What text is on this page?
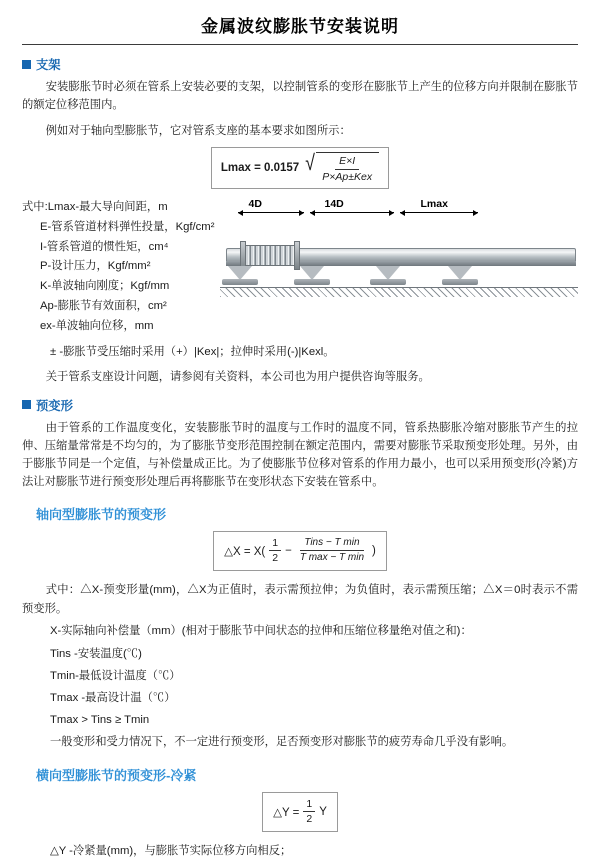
金属波纹膨胀节安装说明
支架

安装膨胀节时必须在管系上安装必要的支架，以控制管系的变形在膨胀节上产生的位移方向并限制在膨胀节的额定位移范围内。

例如对于轴向型膨胀节，它对管系支座的基本要求如图所示：

Lmax = 0.0157 √ $\frac{E\times I}{\text{P×Ap±Kex}}$
式中:Lmax-最大导向间距，m
E-管系管道材料弹性投量，Kgf/cm²
I-管系管道的惯性矩，cm⁴
P-设计压力，Kgf/mm²
K-单波轴向刚度；Kgf/mm
Ap-膨胀节有效面积，cm²
ex-单波轴向位移，mm
4D	14D	Lmax
± -膨胀节受压缩时采用（+）|Kex|；拉伸时采用(-)|Kexl。

关于管系支座设计问题，请参阅有关资料，本公司也为用户提供咨询等服务。

预变形

由于管系的工作温度变化，安装膨胀节时的温度与工作时的温度不同，管系热膨胀冷缩对膨胀节产生的拉伸、压缩量常常是不均匀的，为了膨胀节变形范围控制在额定范围内，需要对膨胀节采取预变形处理。另外，由于膨胀节同是一个定值，与补偿量成正比。为了使膨胀节位移对管系的作用力最小，也可以采用预变形(冷紧)方法让对膨胀节进行预变形处理后再将膨胀节在变形状态下安装在管系中。

轴向型膨胀节的预变形
△X = $X( \frac{1}{2} - \frac{\text{Tins − T min}}{\text{T max − T min}}$ )

式中：△X-预变形量(mm)，△X为正值时，表示需预拉伸；为负值时，表示需预压缩；△X＝0时表示不需预变形。

X-实际轴向补偿量（mm）(相对于膨胀节中间状态的拉伸和压缩位移量绝对值之和)：
Tins -安装温度(℃)
Tmin-最低设计温度（℃）
Tmax -最高设计温（℃）
Tmax > Tins ≥ Tmin
一般变形和受力情况下，不一定进行预变形，足否预变形对膨胀节的疲劳寿命几乎没有影响。
横向型膨胀节的预变形-冷紧
△Y = $\frac{1}{2}$ Y
△Y -冷紧量(mm)，与膨胀节实际位移方向相反；
